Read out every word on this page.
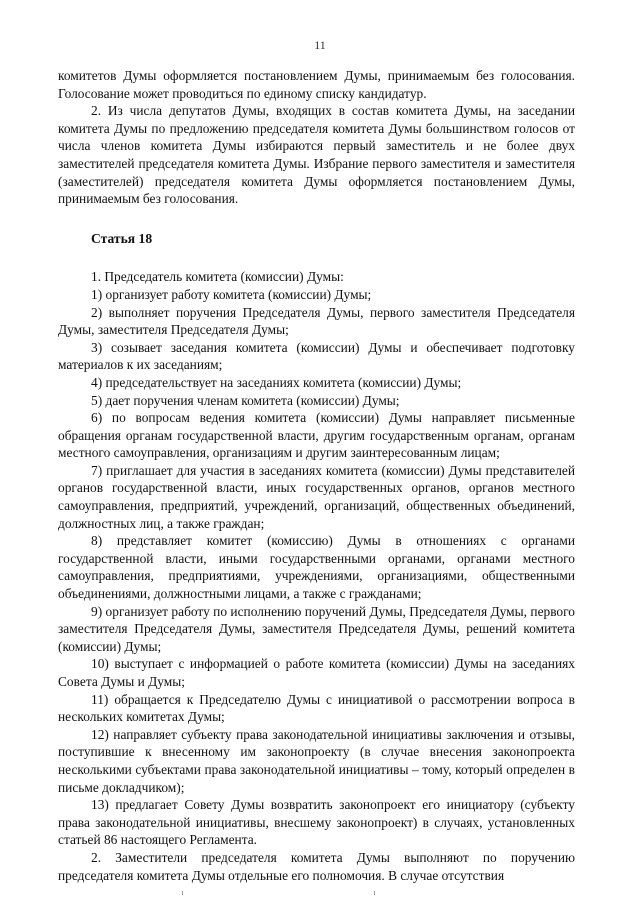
11

комитетов Думы оформляется постановлением Думы, принимаемым без голосования. Голосование может проводиться по единому списку кандидатур.

2. Из числа депутатов Думы, входящих в состав комитета Думы, на заседании комитета Думы по предложению председателя комитета Думы большинством голосов от числа членов комитета Думы избираются первый заместитель и не более двух заместителей председателя комитета Думы. Избрание первого заместителя и заместителя (заместителей) председателя комитета Думы оформляется постановлением Думы, принимаемым без голосования.

Статья 18

1. Председатель комитета (комиссии) Думы:

1) организует работу комитета (комиссии) Думы;

2) выполняет поручения Председателя Думы, первого заместителя Председателя Думы, заместителя Председателя Думы;

3) созывает заседания комитета (комиссии) Думы и обеспечивает подготовку материалов к их заседаниям;

4) председательствует на заседаниях комитета (комиссии) Думы;

5) дает поручения членам комитета (комиссии) Думы;

6) по вопросам ведения комитета (комиссии) Думы направляет письменные обращения органам государственной власти, другим государственным органам, органам местного самоуправления, организациям и другим заинтересованным лицам;

7) приглашает для участия в заседаниях комитета (комиссии) Думы представителей органов государственной власти, иных государственных органов, органов местного самоуправления, предприятий, учреждений, организаций, общественных объединений, должностных лиц, а также граждан;

8) представляет комитет (комиссию) Думы в отношениях с органами государственной власти, иными государственными органами, органами местного самоуправления, предприятиями, учреждениями, организациями, общественными объединениями, должностными лицами, а также с гражданами;

9) организует работу по исполнению поручений Думы, Председателя Думы, первого заместителя Председателя Думы, заместителя Председателя Думы, решений комитета (комиссии) Думы;

10) выступает с информацией о работе комитета (комиссии) Думы на заседаниях Совета Думы и Думы;

11) обращается к Председателю Думы с инициативой о рассмотрении вопроса в нескольких комитетах Думы;

12) направляет субъекту права законодательной инициативы заключения и отзывы, поступившие к внесенному им законопроекту (в случае внесения законопроекта несколькими субъектами права законодательной инициативы – тому, который определен в письме докладчиком);

13) предлагает Совету Думы возвратить законопроект его инициатору (субъекту права законодательной инициативы, внесшему законопроект) в случаях, установленных статьей 86 настоящего Регламента.

2. Заместители председателя комитета Думы выполняют по поручению председателя комитета Думы отдельные его полномочия. В случае отсутствия
